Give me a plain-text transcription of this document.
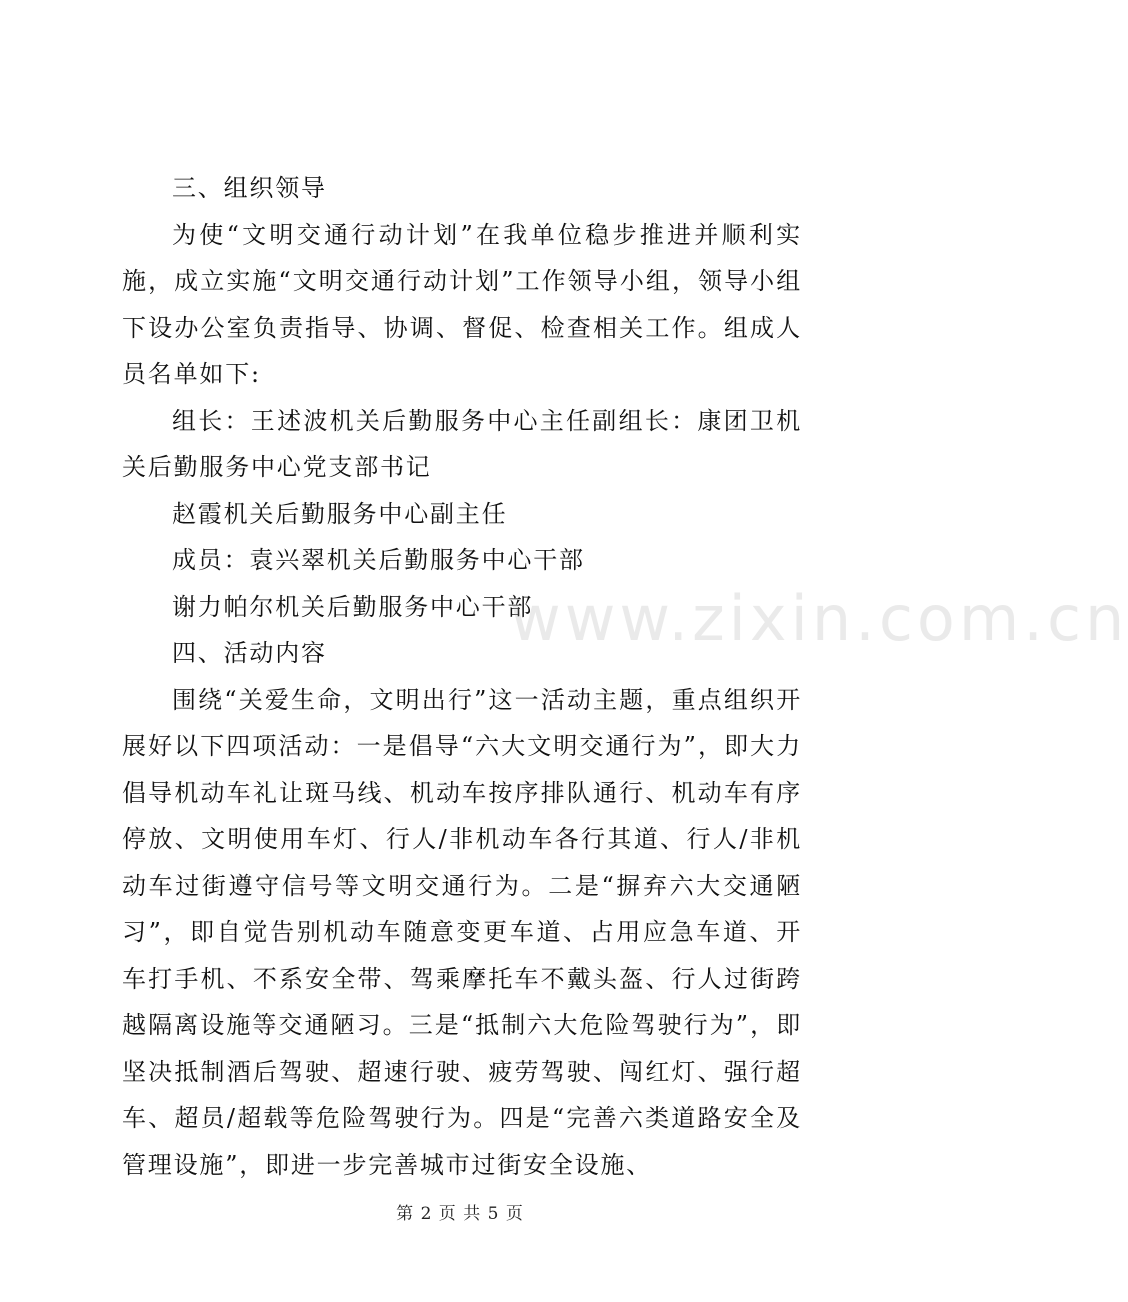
三、组织领导

为使“文明交通行动计划”在我单位稳步推进并顺利实施，成立实施“文明交通行动计划”工作领导小组，领导小组下设办公室负责指导、协调、督促、检查相关工作。组成人员名单如下:

组长：王述波机关后勤服务中心主任副组长：康团卫机关后勤服务中心党支部书记

赵霞机关后勤服务中心副主任

成员：袁兴翠机关后勤服务中心干部

谢力帕尔机关后勤服务中心干部

四、活动内容

围绕“关爱生命，文明出行”这一活动主题，重点组织开展好以下四项活动：一是倡导“六大文明交通行为”，即大力倡导机动车礼让斑马线、机动车按序排队通行、机动车有序停放、文明使用车灯、行人/非机动车各行其道、行人/非机动车过街遵守信号等文明交通行为。二是“摒弃六大交通陋习”，即自觉告别机动车随意变更车道、占用应急车道、开车打手机、不系安全带、驾乘摩托车不戴头盔、行人过街跨越隔离设施等交通陋习。三是“抵制六大危险驾驶行为”，即坚决抵制酒后驾驶、超速行驶、疲劳驾驶、闯红灯、强行超车、超员/超载等危险驾驶行为。四是“完善六类道路安全及管理设施”，即进一步完善城市过街安全设施、

www.zixin.com.cn
第 2 页 共 5 页
